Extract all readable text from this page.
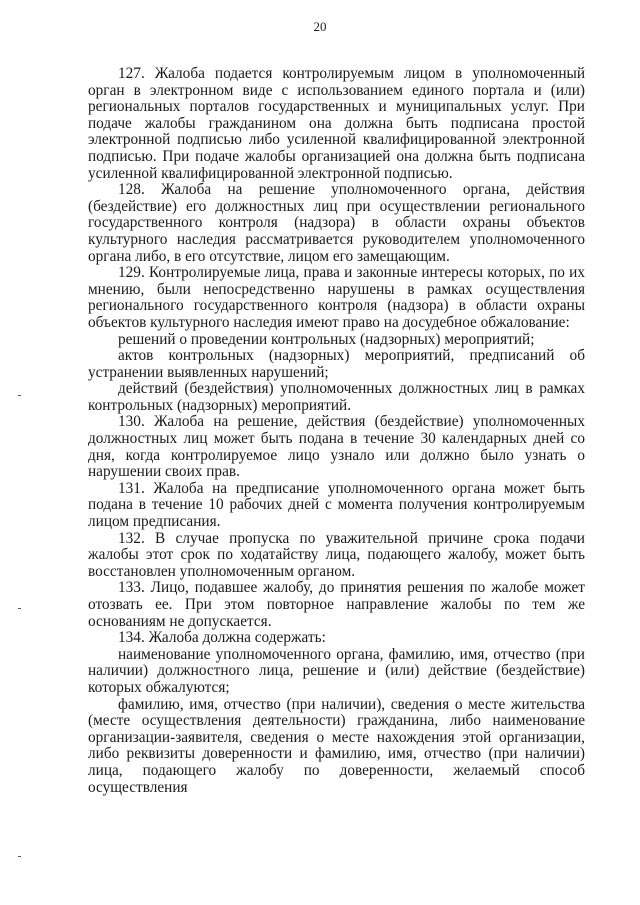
20

127. Жалоба подается контролируемым лицом в уполномоченный орган в электронном виде с использованием единого портала и (или) региональных порталов государственных и муниципальных услуг. При подаче жалобы гражданином она должна быть подписана простой электронной подписью либо усиленной квалифицированной электронной подписью. При подаче жалобы организацией она должна быть подписана усиленной квалифицированной электронной подписью.

128. Жалоба на решение уполномоченного органа, действия (бездействие) его должностных лиц при осуществлении регионального государственного контроля (надзора) в области охраны объектов культурного наследия рассматривается руководителем уполномоченного органа либо, в его отсутствие, лицом его замещающим.

129. Контролируемые лица, права и законные интересы которых, по их мнению, были непосредственно нарушены в рамках осуществления регионального государственного контроля (надзора) в области охраны объектов культурного наследия имеют право на досудебное обжалование:

решений о проведении контрольных (надзорных) мероприятий;

актов контрольных (надзорных) мероприятий, предписаний об устранении выявленных нарушений;

действий (бездействия) уполномоченных должностных лиц в рамках контрольных (надзорных) мероприятий.

130. Жалоба на решение, действия (бездействие) уполномоченных должностных лиц может быть подана в течение 30 календарных дней со дня, когда контролируемое лицо узнало или должно было узнать о нарушении своих прав.

131. Жалоба на предписание уполномоченного органа может быть подана в течение 10 рабочих дней с момента получения контролируемым лицом предписания.

132. В случае пропуска по уважительной причине срока подачи жалобы этот срок по ходатайству лица, подающего жалобу, может быть восстановлен уполномоченным органом.

133. Лицо, подавшее жалобу, до принятия решения по жалобе может отозвать ее. При этом повторное направление жалобы по тем же основаниям не допускается.

134. Жалоба должна содержать:

наименование уполномоченного органа, фамилию, имя, отчество (при наличии) должностного лица, решение и (или) действие (бездействие) которых обжалуются;

фамилию, имя, отчество (при наличии), сведения о месте жительства (месте осуществления деятельности) гражданина, либо наименование организации-заявителя, сведения о месте нахождения этой организации, либо реквизиты доверенности и фамилию, имя, отчество (при наличии) лица, подающего жалобу по доверенности, желаемый способ осуществления
